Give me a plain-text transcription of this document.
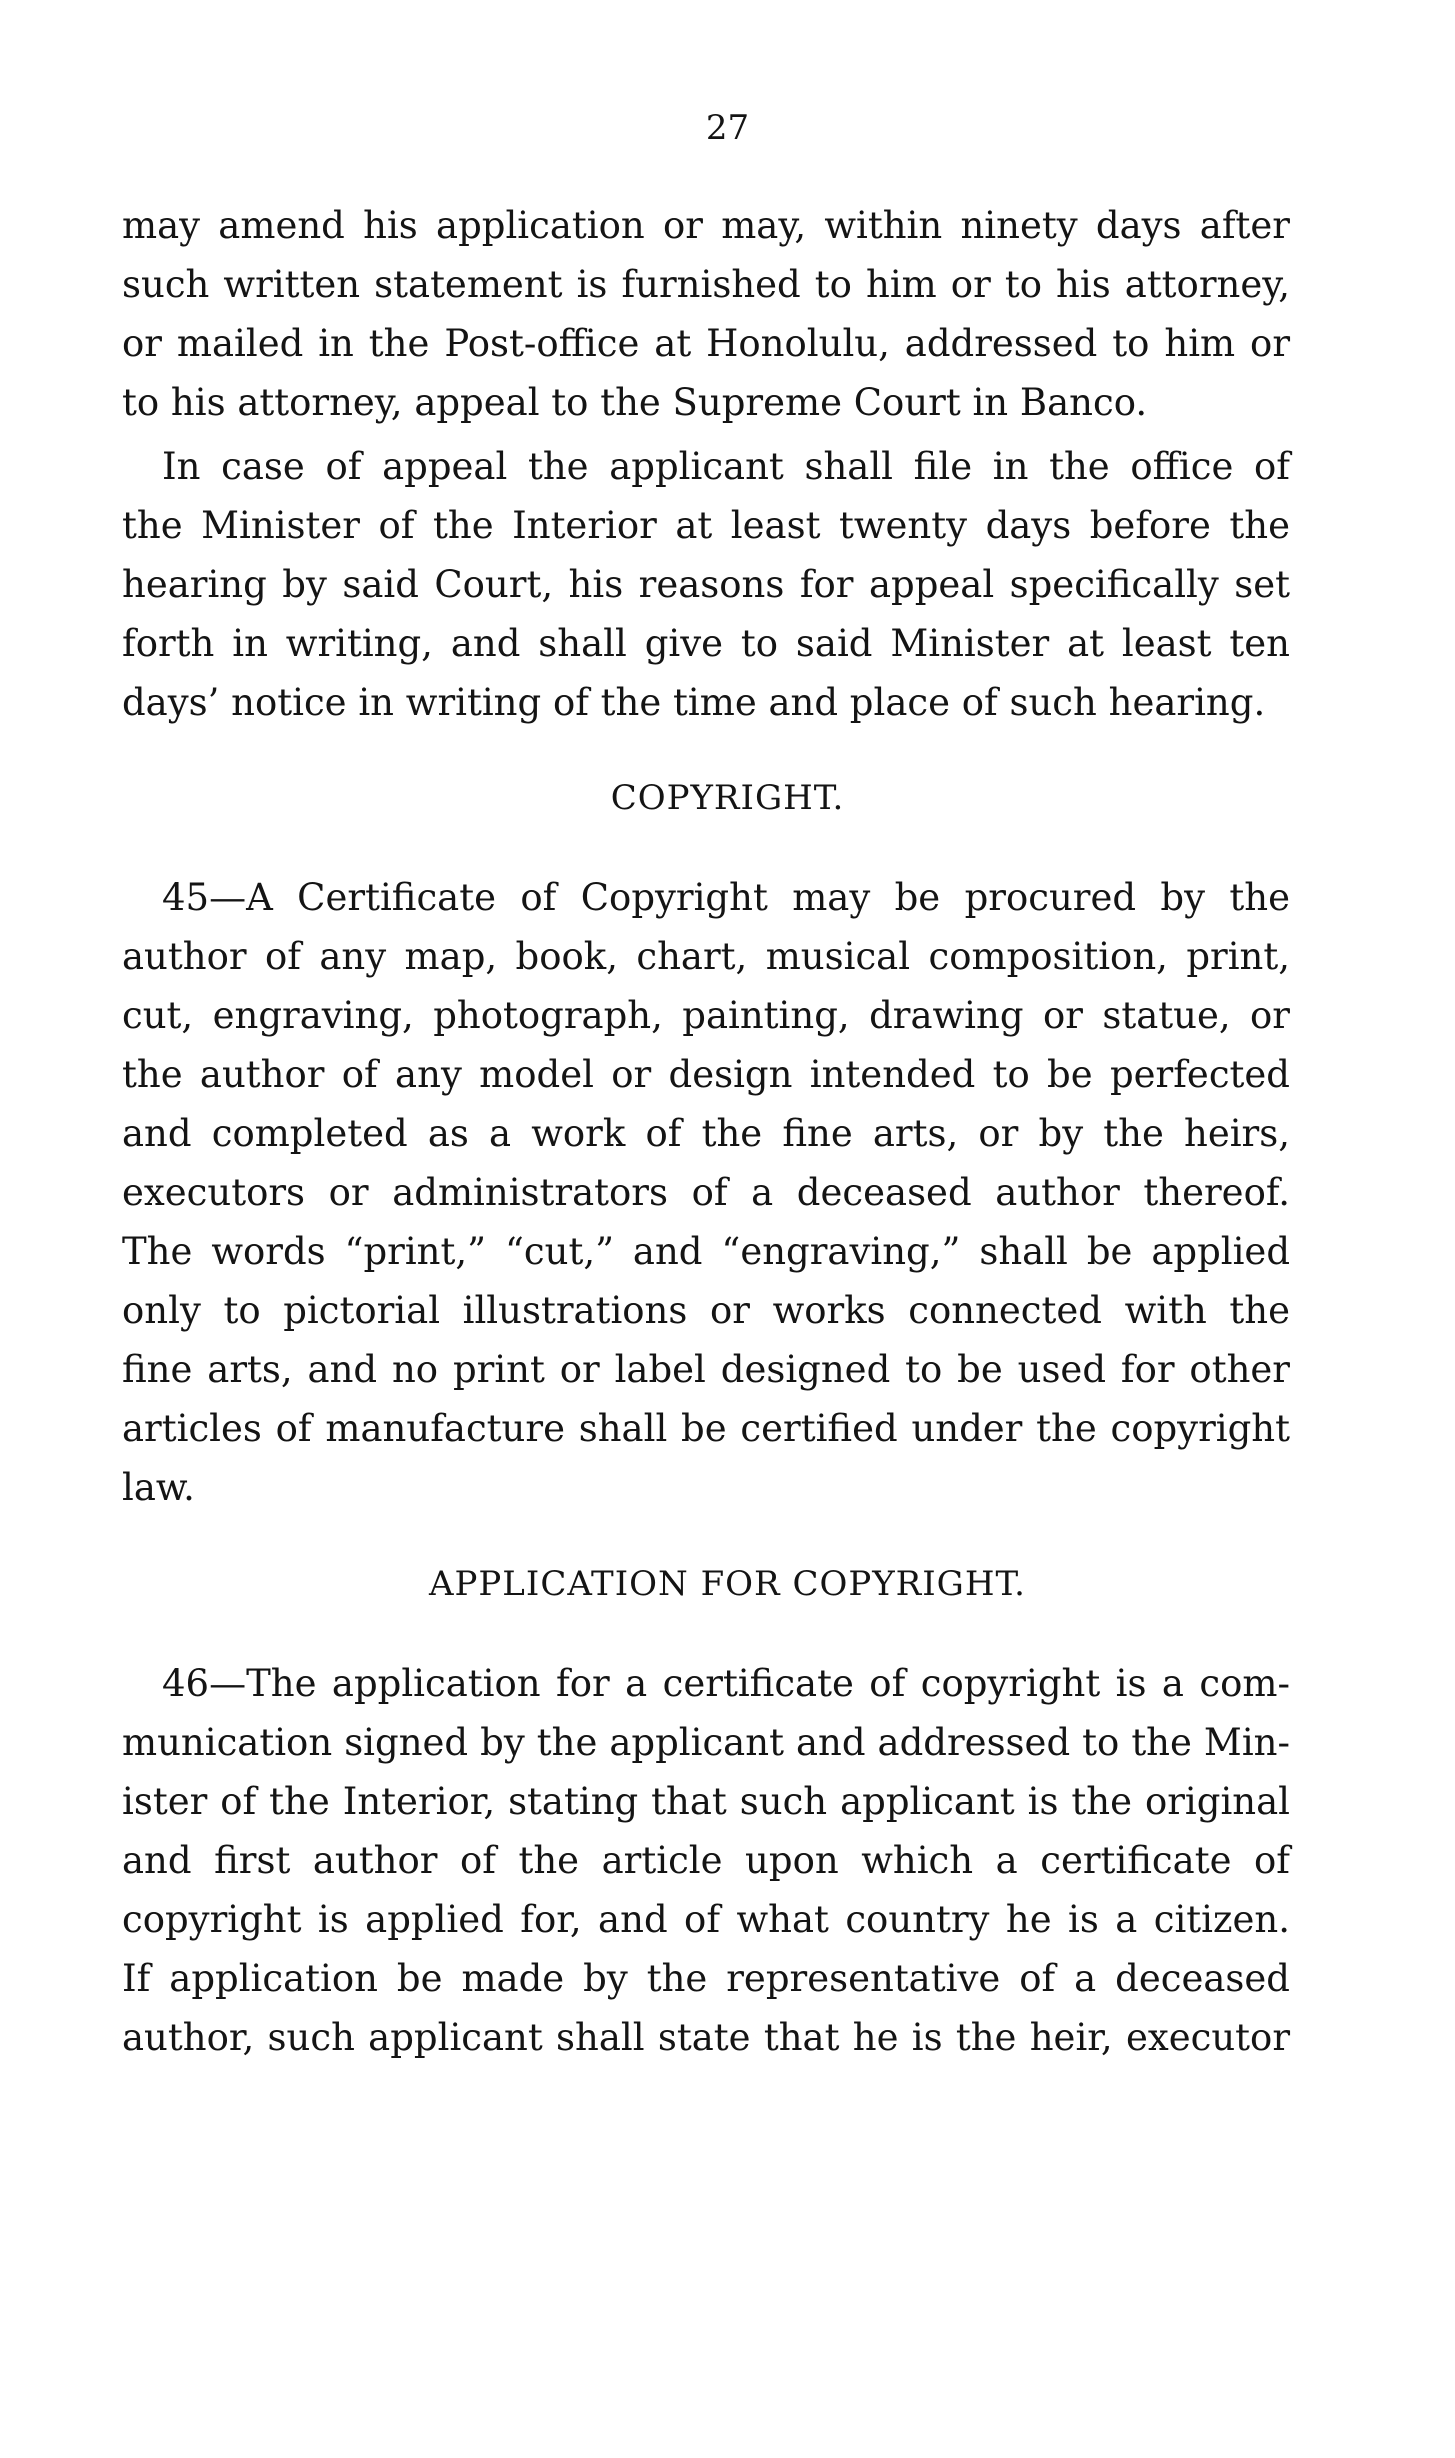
27
may amend his application or may, within ninety days after
such written statement is furnished to him or to his attorney,
or mailed in the Post-office at Honolulu, addressed to him or
to his attorney, appeal to the Supreme Court in Banco.
In case of appeal the applicant shall file in the office of
the Minister of the Interior at least twenty days before the
hearing by said Court, his reasons for appeal specifically set
forth in writing, and shall give to said Minister at least ten
days’ notice in writing of the time and place of such hearing.
COPYRIGHT.
45—A Certificate of Copyright may be procured by the
author of any map, book, chart, musical composition, print,
cut, engraving, photograph, painting, drawing or statue, or
the author of any model or design intended to be perfected
and completed as a work of the fine arts, or by the heirs,
executors or administrators of a deceased author thereof.
The words “print,” “cut,” and “engraving,” shall be applied
only to pictorial illustrations or works connected with the
fine arts, and no print or label designed to be used for other
articles of manufacture shall be certified under the copyright
law.
APPLICATION FOR COPYRIGHT.
46—The application for a certificate of copyright is a com-
munication signed by the applicant and addressed to the Min-
ister of the Interior, stating that such applicant is the original
and first author of the article upon which a certificate of
copyright is applied for, and of what country he is a citizen.
If application be made by the representative of a deceased
author, such applicant shall state that he is the heir, executor
